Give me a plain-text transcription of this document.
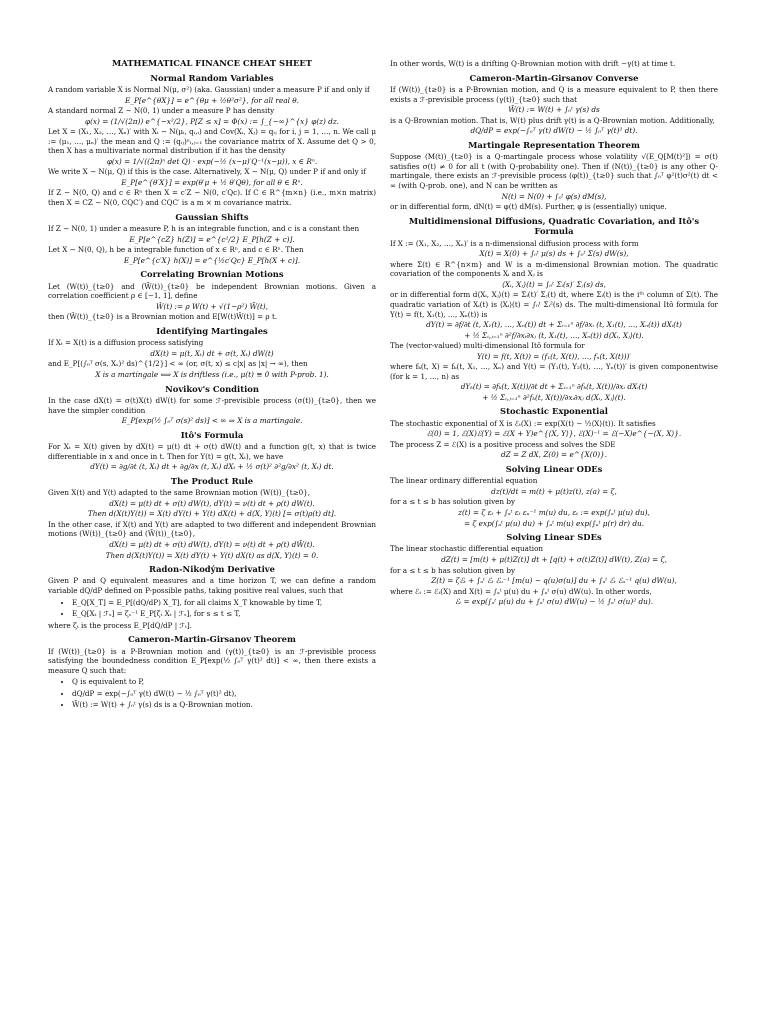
MATHEMATICAL FINANCE CHEAT SHEET
Normal Random Variables
A random variable X is Normal N(μ, σ²) (aka. Gaussian) under a measure P if and only if
E_P[e^{θX}] = e^{θμ + ½θ²σ²}, for all real θ.
A standard normal Z ∼ N(0, 1) under a measure P has density
φ(x) = (1/√(2π)) e^{−x²/2}, P[Z ≤ x] = Φ(x) := ∫_{−∞}^{x} φ(z) dz.
Let X = (X₁, X₂, …, Xₙ)′ with Xᵢ ∼ N(μᵢ, qᵢ,ᵢ) and Cov(Xᵢ, Xⱼ) = qᵢⱼ for i, j = 1, …, n. We call μ := (μ₁, …, μₙ)′ the mean and Q := (qᵢⱼ)ⁿᵢ,ⱼ₌₁ the covariance matrix of X. Assume det Q > 0, then X has a multivariate normal distribution if it has the density
φ(x) = 1/√((2π)ⁿ det Q) · exp(−½ (x−μ)′Q⁻¹(x−μ)), x ∈ Rⁿ.
We write X ∼ N(μ, Q) if this is the case. Alternatively, X ∼ N(μ, Q) under P if and only if
E_P[e^{θ′X}] = exp(θ′μ + ½ θ′Qθ), for all θ ∈ Rⁿ.
If Z ∼ N(0, Q) and c ∈ Rⁿ then X = c′Z ∼ N(0, c′Qc). If C ∈ R^{m×n} (i.e., m×n matrix) then X = CZ ∼ N(0, CQC′) and CQC′ is a m × m covariance matrix.
Gaussian Shifts
If Z ∼ N(0, 1) under a measure P, h is an integrable function, and c is a constant then
E_P[e^{cZ} h(Z)] = e^{c²/2} E_P[h(Z + c)].
Let X ∼ N(0, Q), h be a integrable function of x ∈ Rⁿ, and c ∈ Rⁿ. Then
E_P[e^{c′X} h(X)] = e^{½c′Qc} E_P[h(X + c)].
Correlating Brownian Motions
Let (W(t))_{t≥0} and (W̃(t))_{t≥0} be independent Brownian motions. Given a correlation coefficient ρ ∈ [−1, 1], define
Ŵ(t) := ρ W(t) + √(1−ρ²) W̃(t),
then (Ŵ(t))_{t≥0} is a Brownian motion and E[W(t)Ŵ(t)] = ρ t.
Identifying Martingales
If Xₜ = X(t) is a diffusion process satisfying
dX(t) = μ(t, Xₜ) dt + σ(t, Xₜ) dW(t)
and E_P[(∫₀ᵀ σ(s, Xₛ)² ds)^{1/2}] < ∞ (or, σ(t, x) ≤ c|x| as |x| → ∞), then
X is a martingale ⟺ X is driftless (i.e., μ(t) ≡ 0 with P-prob. 1).
Novikov's Condition
In the case dX(t) = σ(t)X(t) dW(t) for some ℱ-previsible process (σ(t))_{t≥0}, then we have the simpler condition
E_P[exp(½ ∫₀ᵀ σ(s)² ds)] < ∞ ⇒ X is a martingale.
Itô's Formula
For Xₜ = X(t) given by dX(t) = μ(t) dt + σ(t) dW(t) and a function g(t, x) that is twice differentiable in x and once in t. Then for Y(t) = g(t, Xₜ), we have
dY(t) = ∂g/∂t (t, Xₜ) dt + ∂g/∂x (t, Xₜ) dXₜ + ½ σ(t)² ∂²g/∂x² (t, Xₜ) dt.
The Product Rule
Given X(t) and Y(t) adapted to the same Brownian motion (W(t))_{t≥0},
dX(t) = μ(t) dt + σ(t) dW(t), dY(t) = ν(t) dt + ρ(t) dW(t).
Then d(X(t)Y(t)) = X(t) dY(t) + Y(t) dX(t) + d⟨X, Y⟩(t) [= σ(t)ρ(t) dt].
In the other case, if X(t) and Y(t) are adapted to two different and independent Brownian motions (W(t))_{t≥0} and (W̃(t))_{t≥0},
dX(t) = μ(t) dt + σ(t) dW(t), dY(t) = ν(t) dt + ρ(t) dW̃(t).
Then d(X(t)Y(t)) = X(t) dY(t) + Y(t) dX(t) as d⟨X, Y⟩(t) = 0.
Radon-Nikodým Derivative
Given P and Q equivalent measures and a time horizon T, we can define a random variable dQ/dP defined on P-possible paths, taking positive real values, such that
• E_Q[X_T] = E_P[(dQ/dP) X_T], for all claims X_T knowable by time T,
• E_Q[Xₜ | ℱₛ] = ζₛ⁻¹ E_P[ζₜ Xₜ | ℱₛ], for s ≤ t ≤ T,
where ζₜ is the process E_P[dQ/dP | ℱₜ].
Cameron-Martin-Girsanov Theorem
If (W(t))_{t≥0} is a P-Brownian motion and (γ(t))_{t≥0} is an ℱ-previsible process satisfying the boundedness condition E_P[exp(½ ∫₀ᵀ γ(t)² dt)] < ∞, then there exists a measure Q such that:
• Q is equivalent to P,
• dQ/dP = exp(−∫₀ᵀ γ(t) dW(t) − ½ ∫₀ᵀ γ(t)² dt),
• W̃(t) := W(t) + ∫₀ᵗ γ(s) ds is a Q-Brownian motion.
In other words, W(t) is a drifting Q-Brownian motion with drift −γ(t) at time t.
Cameron-Martin-Girsanov Converse
If (W(t))_{t≥0} is a P-Brownian motion, and Q is a measure equivalent to P, then there exists a ℱ-previsible process (γ(t))_{t≥0} such that
W̃(t) := W(t) + ∫₀ᵗ γ(s) ds
is a Q-Brownian motion. That is, W(t) plus drift γ(t) is a Q-Brownian motion. Additionally,
dQ/dP = exp(−∫₀ᵀ γ(t) dW(t) − ½ ∫₀ᵀ γ(t)² dt).
Martingale Representation Theorem
Suppose (M(t))_{t≥0} is a Q-martingale process whose volatility √(E_Q[M(t)²]) = σ(t) satisfies σ(t) ≠ 0 for all t (with Q-probability one). Then if (N(t))_{t≥0} is any other Q-martingale, there exists an ℱ-previsible process (φ(t))_{t≥0} such that ∫₀ᵀ φ²(t)σ²(t) dt < ∞ (with Q-prob. one), and N can be written as
N(t) = N(0) + ∫₀ᵗ φ(s) dM(s),
or in differential form, dN(t) = φ(t) dM(s). Further, φ is (essentially) unique.
Multidimensional Diffusions, Quadratic Covariation, and Itô's Formula
If X := (X₁, X₂, …, Xₙ)′ is a n-dimensional diffusion process with form
X(t) = X(0) + ∫₀ᵗ μ(s) ds + ∫₀ᵗ Σ(s) dW(s),
where Σ(t) ∈ R^{n×m} and W is a m-dimensional Brownian motion. The quadratic covariation of the components Xᵢ and Xⱼ is
⟨Xᵢ, Xⱼ⟩(t) = ∫₀ᵗ Σᵢ(s)′ Σⱼ(s) ds,
or in differential form d⟨Xᵢ, Xⱼ⟩(t) = Σᵢ(t)′ Σⱼ(t) dt, where Σᵢ(t) is the iᵗʰ column of Σ(t). The quadratic variation of Xᵢ(t) is ⟨Xᵢ⟩(t) = ∫₀ᵗ Σᵢ²(s) ds. The multi-dimensional Itô formula for Y(t) = f(t, X₁(t), …, Xₙ(t)) is
dY(t) = ∂f/∂t (t, X₁(t), …, Xₙ(t)) dt + Σᵢ₌₁ⁿ ∂f/∂xᵢ (t, X₁(t), …, Xₙ(t)) dXᵢ(t)
+ ½ Σᵢ,ⱼ₌₁ⁿ ∂²f/∂xᵢ∂xⱼ (t, X₁(t), …, Xₙ(t)) d⟨Xᵢ, Xⱼ⟩(t).
The (vector-valued) multi-dimensional Itô formula for
Y(t) = f(t, X(t)) = (f₁(t, X(t)), …, fₙ(t, X(t)))′
where fₖ(t, X) = fₖ(t, X₁, …, Xₙ) and Y(t) = (Y₁(t), Y₂(t), …, Yₙ(t))′ is given componentwise (for k = 1, …, n) as
dYₖ(t) = ∂fₖ(t, X(t))/∂t dt + Σᵢ₌₁ⁿ ∂fₖ(t, X(t))/∂xᵢ dXᵢ(t)
+ ½ Σᵢ,ⱼ₌₁ⁿ ∂²fₖ(t, X(t))/∂xᵢ∂xⱼ d⟨Xᵢ, Xⱼ⟩(t).
Stochastic Exponential
The stochastic exponential of X is ℰₜ(X) := exp(X(t) − ½⟨X⟩(t)). It satisfies
ℰ(0) = 1, ℰ(X)ℰ(Y) = ℰ(X + Y)e^{⟨X, Y⟩}, ℰ(X)⁻¹ = ℰ(−X)e^{−⟨X, X⟩}.
The process Z = ℰ(X) is a positive process and solves the SDE
dZ = Z dX, Z(0) = e^{X(0)}.
Solving Linear ODEs
The linear ordinary differential equation
dz(t)/dt = m(t) + μ(t)z(t), z(a) = ζ,
for a ≤ t ≤ b has solution given by
z(t) = ζ εₜ + ∫ₐᵗ εₜ εᵤ⁻¹ m(u) du, εₜ := exp(∫ₐᵗ μ(u) du),
= ζ exp(∫ₐᵗ μ(u) du) + ∫ₐᵗ m(u) exp(∫ᵤᵗ μ(r) dr) du.
Solving Linear SDEs
The linear stochastic differential equation
dZ(t) = [m(t) + μ(t)Z(t)] dt + [q(t) + σ(t)Z(t)] dW(t), Z(a) = ζ,
for a ≤ t ≤ b has solution given by
Z(t) = ζℰₜ + ∫ₐᵗ ℰₜ ℰᵤ⁻¹ [m(u) − q(u)σ(u)] du + ∫ₐᵗ ℰₜ ℰᵤ⁻¹ q(u) dW(u),
where ℰₜ := ℰₜ(X) and X(t) = ∫ₐᵗ μ(u) du + ∫ₐᵗ σ(u) dW(u). In other words,
ℰₜ = exp(∫ₐᵗ μ(u) du + ∫ₐᵗ σ(u) dW(u) − ½ ∫ₐᵗ σ(u)² du).
